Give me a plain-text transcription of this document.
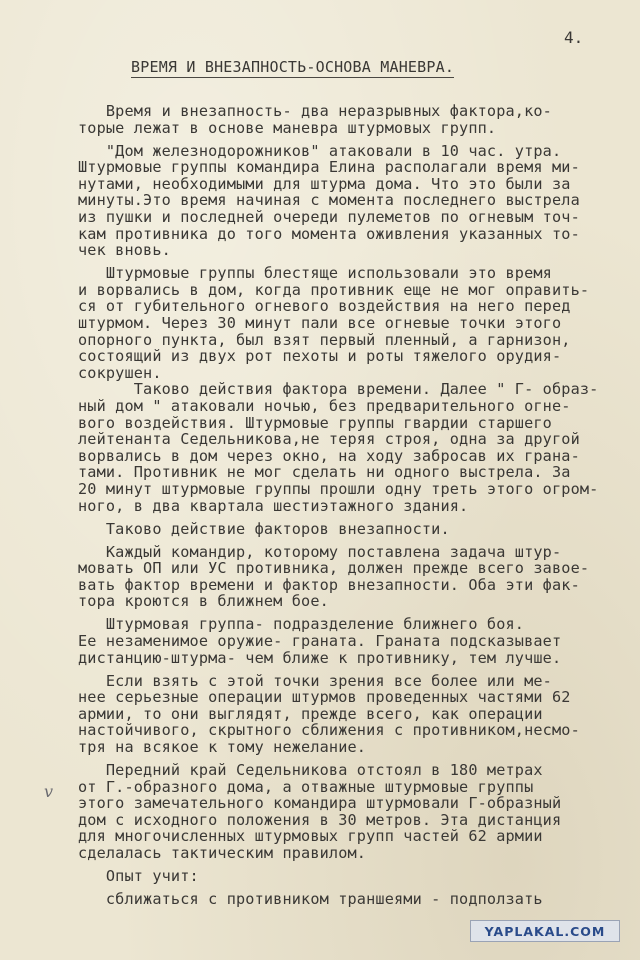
4.
ВРЕМЯ И ВНЕЗАПНОСТЬ-ОСНОВА МАНЕВРА.
Время и внезапность- два неразрывных фактора,ко-
торые лежат в основе маневра штурмовых групп.
"Дом железнодорожников" атаковали в 10 час. утра.
Штурмовые группы командира Елина располагали время ми-
нутами, необходимыми для штурма дома. Что это были за
минуты.Это время начиная с момента последнего выстрела
из пушки и последней очереди пулеметов по огневым точ-
кам противника до того момента оживления указанных то-
чек вновь.
Штурмовые группы блестяще использовали это время
и ворвались в дом, когда противник еще не мог оправить-
ся от губительного огневого воздействия на него перед
штурмом. Через 30 минут пали все огневые точки этого
опорного пункта, был взят первый пленный, а гарнизон,
состоящий из двух рот пехоты и роты тяжелого орудия-
сокрушен.
Таково действия фактора времени. Далее " Г- образ-
ный дом " атаковали ночью, без предварительного огне-
вого воздействия. Штурмовые группы гвардии старшего
лейтенанта Седельникова,не теряя строя, одна за другой
ворвались в дом через окно, на ходу забросав их грана-
тами. Противник не мог сделать ни одного выстрела. За
20 минут штурмовые группы прошли одну треть этого огром-
ного, в два квартала шестиэтажного здания.
Таково действие факторов внезапности.
Каждый командир, которому поставлена задача штур-
мовать ОП или УС противника, должен прежде всего завое-
вать фактор времени и фактор внезапности. Оба эти фак-
тора кроются в ближнем бое.
Штурмовая группа- подразделение ближнего боя.
Ее незаменимое оружие- граната. Граната подсказывает
дистанцию-штурма- чем ближе к противнику, тем лучше.
Если взять с этой точки зрения все более или ме-
нее серьезные операции штурмов проведенных частями 62
армии, то они выглядят, прежде всего, как операции
настойчивого, скрытного сближения с противником,несмо-
тря на всякое к тому нежелание.
Передний край Седельникова отстоял в 180 метрах
от Г.-образного дома, а отважные штурмовые группы
этого замечательного командира штурмовали Г-образный
дом с исходного положения в 30 метров. Эта дистанция
для многочисленных штурмовых групп частей 62 армии
сделалась тактическим правилом.
Опыт учит:
сближаться с противником траншеями - подползать
v
YAPLAKAL.COM
